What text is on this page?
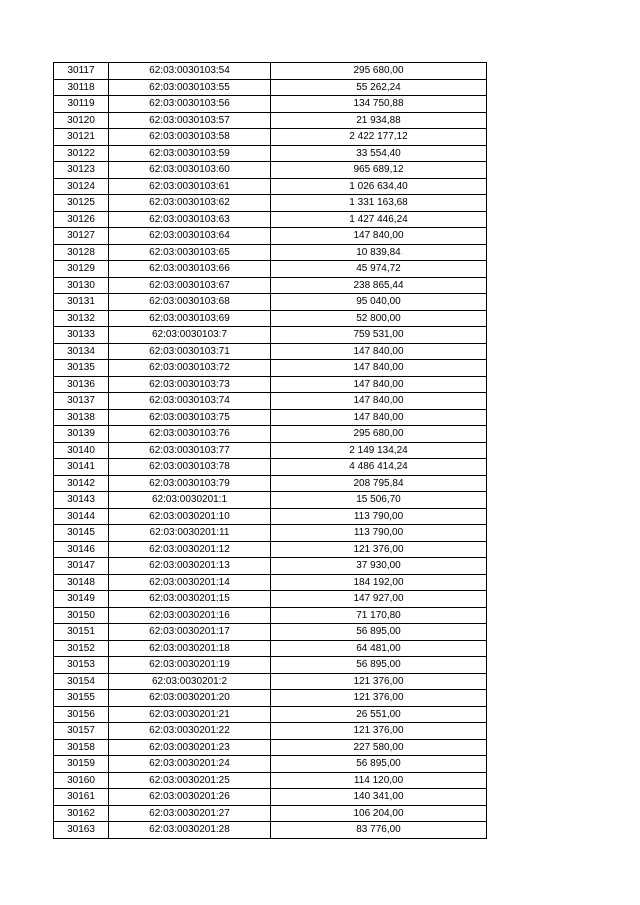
30117	62:03:0030103:54	295 680,00
30118	62:03:0030103:55	55 262,24
30119	62:03:0030103:56	134 750,88
30120	62:03:0030103:57	21 934,88
30121	62:03:0030103:58	2 422 177,12
30122	62:03:0030103:59	33 554,40
30123	62:03:0030103:60	965 689,12
30124	62:03:0030103:61	1 026 634,40
30125	62:03:0030103:62	1 331 163,68
30126	62:03:0030103:63	1 427 446,24
30127	62:03:0030103:64	147 840,00
30128	62:03:0030103:65	10 839,84
30129	62:03:0030103:66	45 974,72
30130	62:03:0030103:67	238 865,44
30131	62:03:0030103:68	95 040,00
30132	62:03:0030103:69	52 800,00
30133	62:03:0030103:7	759 531,00
30134	62:03:0030103:71	147 840,00
30135	62:03:0030103:72	147 840,00
30136	62:03:0030103:73	147 840,00
30137	62:03:0030103:74	147 840,00
30138	62:03:0030103:75	147 840,00
30139	62:03:0030103:76	295 680,00
30140	62:03:0030103:77	2 149 134,24
30141	62:03:0030103:78	4 486 414,24
30142	62:03:0030103:79	208 795,84
30143	62:03:0030201:1	15 506,70
30144	62:03:0030201:10	113 790,00
30145	62:03:0030201:11	113 790,00
30146	62:03:0030201:12	121 376,00
30147	62:03:0030201:13	37 930,00
30148	62:03:0030201:14	184 192,00
30149	62:03:0030201:15	147 927,00
30150	62:03:0030201:16	71 170,80
30151	62:03:0030201:17	56 895,00
30152	62:03:0030201:18	64 481,00
30153	62:03:0030201:19	56 895,00
30154	62:03:0030201:2	121 376,00
30155	62:03:0030201:20	121 376,00
30156	62:03:0030201:21	26 551,00
30157	62:03:0030201:22	121 376,00
30158	62:03:0030201:23	227 580,00
30159	62:03:0030201:24	56 895,00
30160	62:03:0030201:25	114 120,00
30161	62:03:0030201:26	140 341,00
30162	62:03:0030201:27	106 204,00
30163	62:03:0030201:28	83 776,00
